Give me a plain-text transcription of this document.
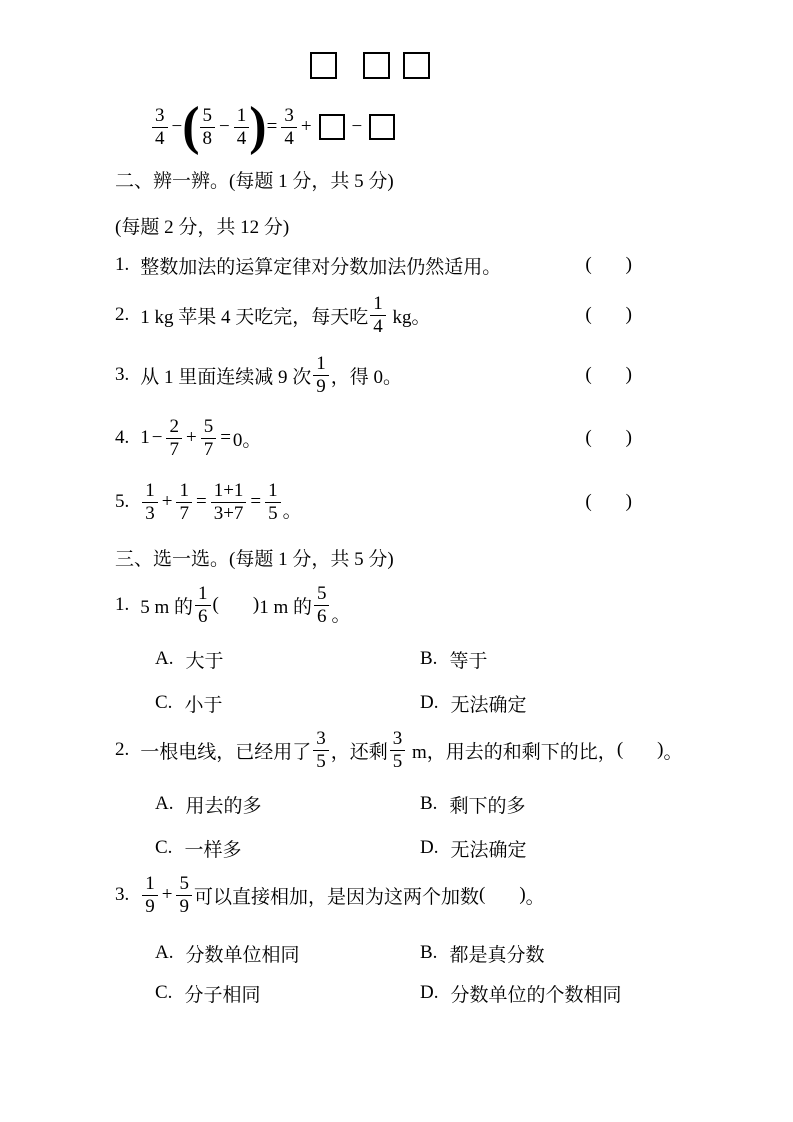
$\frac{3}{4}$ − ( $\frac{5}{8} - \frac{1}{4}$ ) = $\frac{3}{4}$ + −
二、辨一辨。(每题 1 分，共 5 分)
(每题 2 分，共 12 分)
1. 整数加法的运算定律对分数加法仍然适用。	( )
2. 1 kg 苹果 4 天吃完，每天吃 $\frac{1}{4}$ kg。	( )
3. 从 1 里面连续减 9 次 $\frac{1}{9}$ ，得 0。	( )
4. $1 - \frac{2}{7} + \frac{5}{7} = 0$。	( )
5. $\frac{1}{3} + \frac{1}{7} = \frac{1+1}{3+7} = \frac{1}{5}$ 。	( )
三、选一选。(每题 1 分，共 5 分)
1. 5 m 的 $\frac{1}{6}$ ( ) 1 m 的 $\frac{5}{6}$ 。
A. 大于	B. 等于
C. 小于	D. 无法确定
2. 一根电线，已经用了 $\frac{3}{5}$ ，还剩 $\frac{3}{5}$ m，用去的和剩下的比， ( ) 。
A. 用去的多	B. 剩下的多
C. 一样多	D. 无法确定
3. $\frac{1}{9} + \frac{5}{9}$ 可以直接相加，是因为这两个加数 ( ) 。
A. 分数单位相同	B. 都是真分数
C. 分子相同	D. 分数单位的个数相同
